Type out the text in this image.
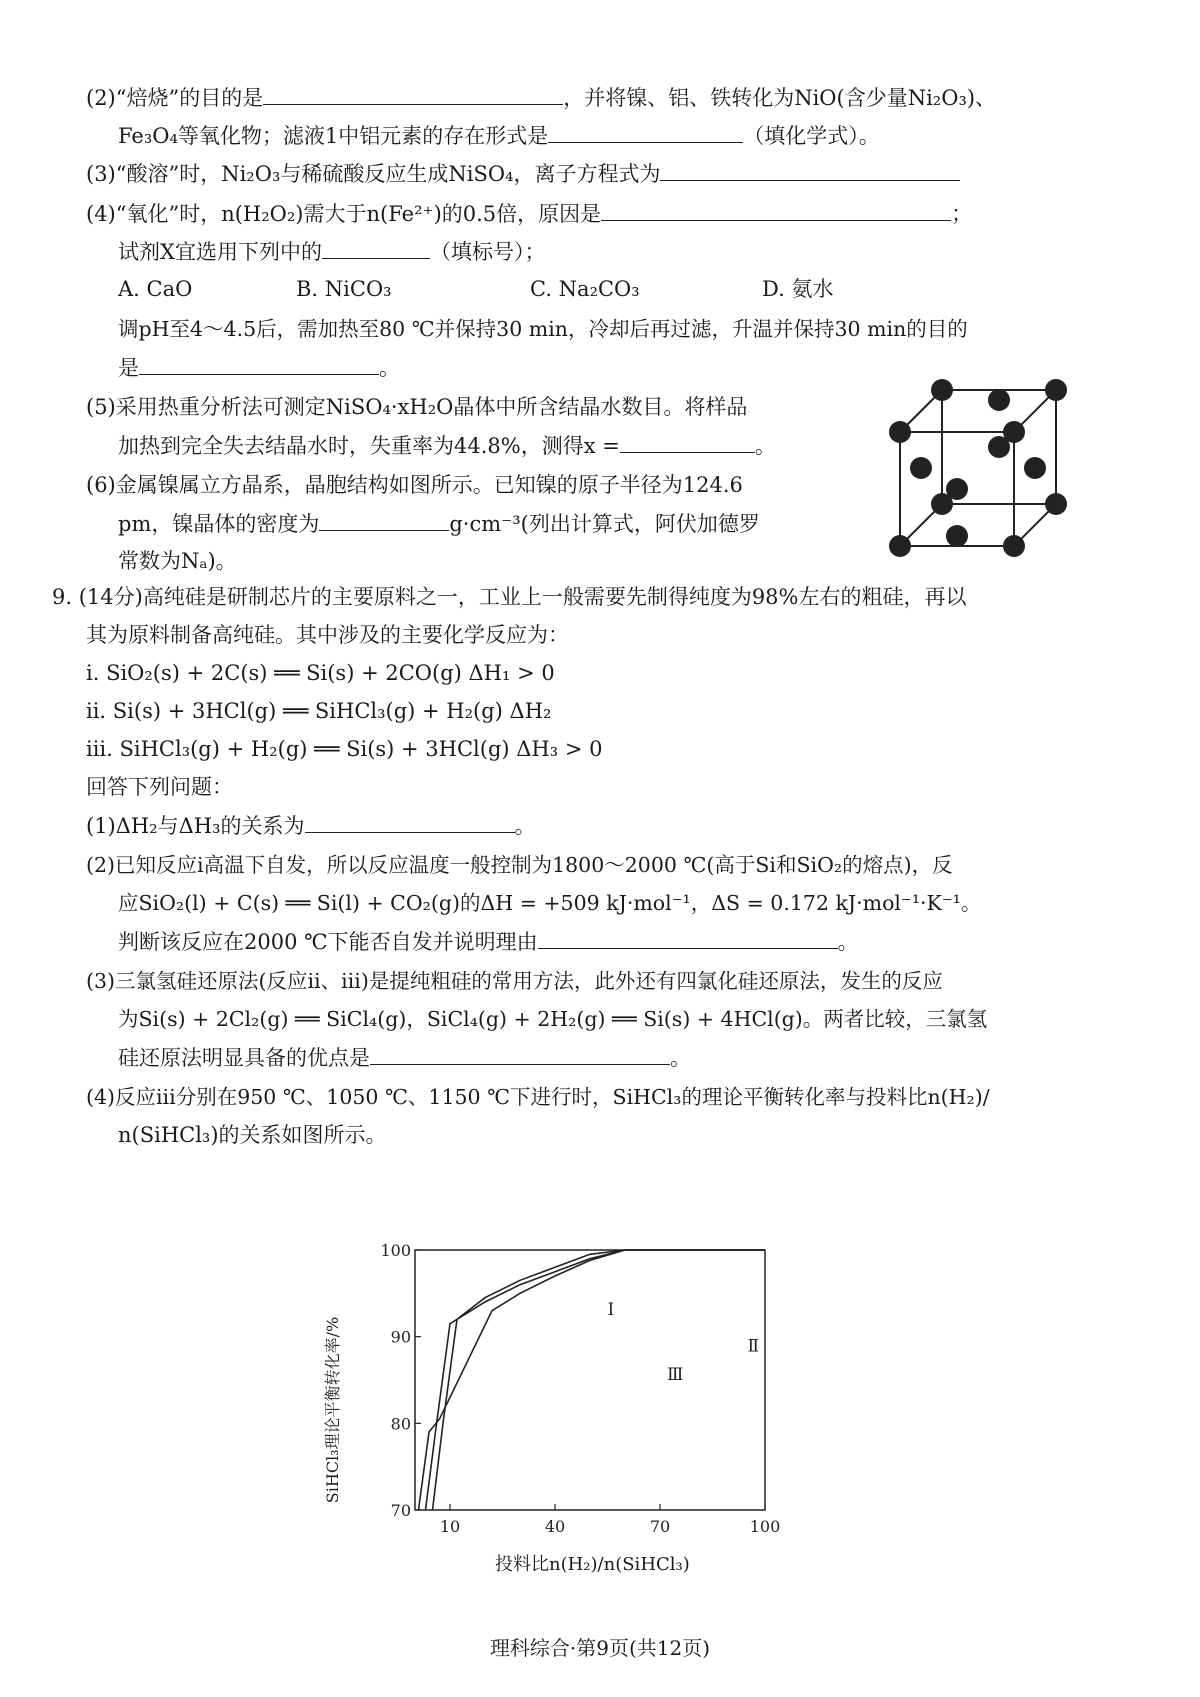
(2)“焙烧”的目的是	，并将镍、铝、铁转化为NiO(含少量Ni₂O₃)、
Fe₃O₄等氧化物；滤液1中铝元素的存在形式是	（填化学式）。
(3)“酸溶”时，Ni₂O₃与稀硫酸反应生成NiSO₄，离子方程式为
(4)“氧化”时，n(H₂O₂)需大于n(Fe²⁺)的0.5倍，原因是	；
试剂X宜选用下列中的	（填标号）；
A. CaO	B. NiCO₃	C. Na₂CO₃	D. 氨水
调pH至4～4.5后，需加热至80 ℃并保持30 min，冷却后再过滤，升温并保持30 min的目的
是	。
(5)采用热重分析法可测定NiSO₄·xH₂O晶体中所含结晶水数目。将样品
加热到完全失去结晶水时，失重率为44.8%，测得x =	。
(6)金属镍属立方晶系，晶胞结构如图所示。已知镍的原子半径为124.6
pm，镍晶体的密度为	g·cm⁻³(列出计算式，阿伏加德罗
常数为Nₐ)。
9. (14分)高纯硅是研制芯片的主要原料之一，工业上一般需要先制得纯度为98%左右的粗硅，再以
其为原料制备高纯硅。其中涉及的主要化学反应为：
ⅰ. SiO₂(s) + 2C(s) ══ Si(s) + 2CO(g) ΔH₁ > 0
ⅱ. Si(s) + 3HCl(g) ══ SiHCl₃(g) + H₂(g) ΔH₂
ⅲ. SiHCl₃(g) + H₂(g) ══ Si(s) + 3HCl(g) ΔH₃ > 0
回答下列问题：
(1)ΔH₂与ΔH₃的关系为	。
(2)已知反应ⅰ高温下自发，所以反应温度一般控制为1800～2000 ℃(高于Si和SiO₂的熔点)，反
应SiO₂(l) + C(s) ══ Si(l) + CO₂(g)的ΔH = +509 kJ·mol⁻¹，ΔS = 0.172 kJ·mol⁻¹·K⁻¹。
判断该反应在2000 ℃下能否自发并说明理由	。
(3)三氯氢硅还原法(反应ⅱ、ⅲ)是提纯粗硅的常用方法，此外还有四氯化硅还原法，发生的反应
为Si(s) + 2Cl₂(g) ══ SiCl₄(g)，SiCl₄(g) + 2H₂(g) ══ Si(s) + 4HCl(g)。两者比较，三氯氢
硅还原法明显具备的优点是	。
(4)反应ⅲ分别在950 ℃、1050 ℃、1150 ℃下进行时，SiHCl₃的理论平衡转化率与投料比n(H₂)/
n(SiHCl₃)的关系如图所示。
10	40	70	100
70
80
90
100
Ⅰ
Ⅱ
Ⅲ
投料比n(H₂)/n(SiHCl₃)
SiHCl₃理论平衡转化率/%
理科综合·第9页(共12页)
